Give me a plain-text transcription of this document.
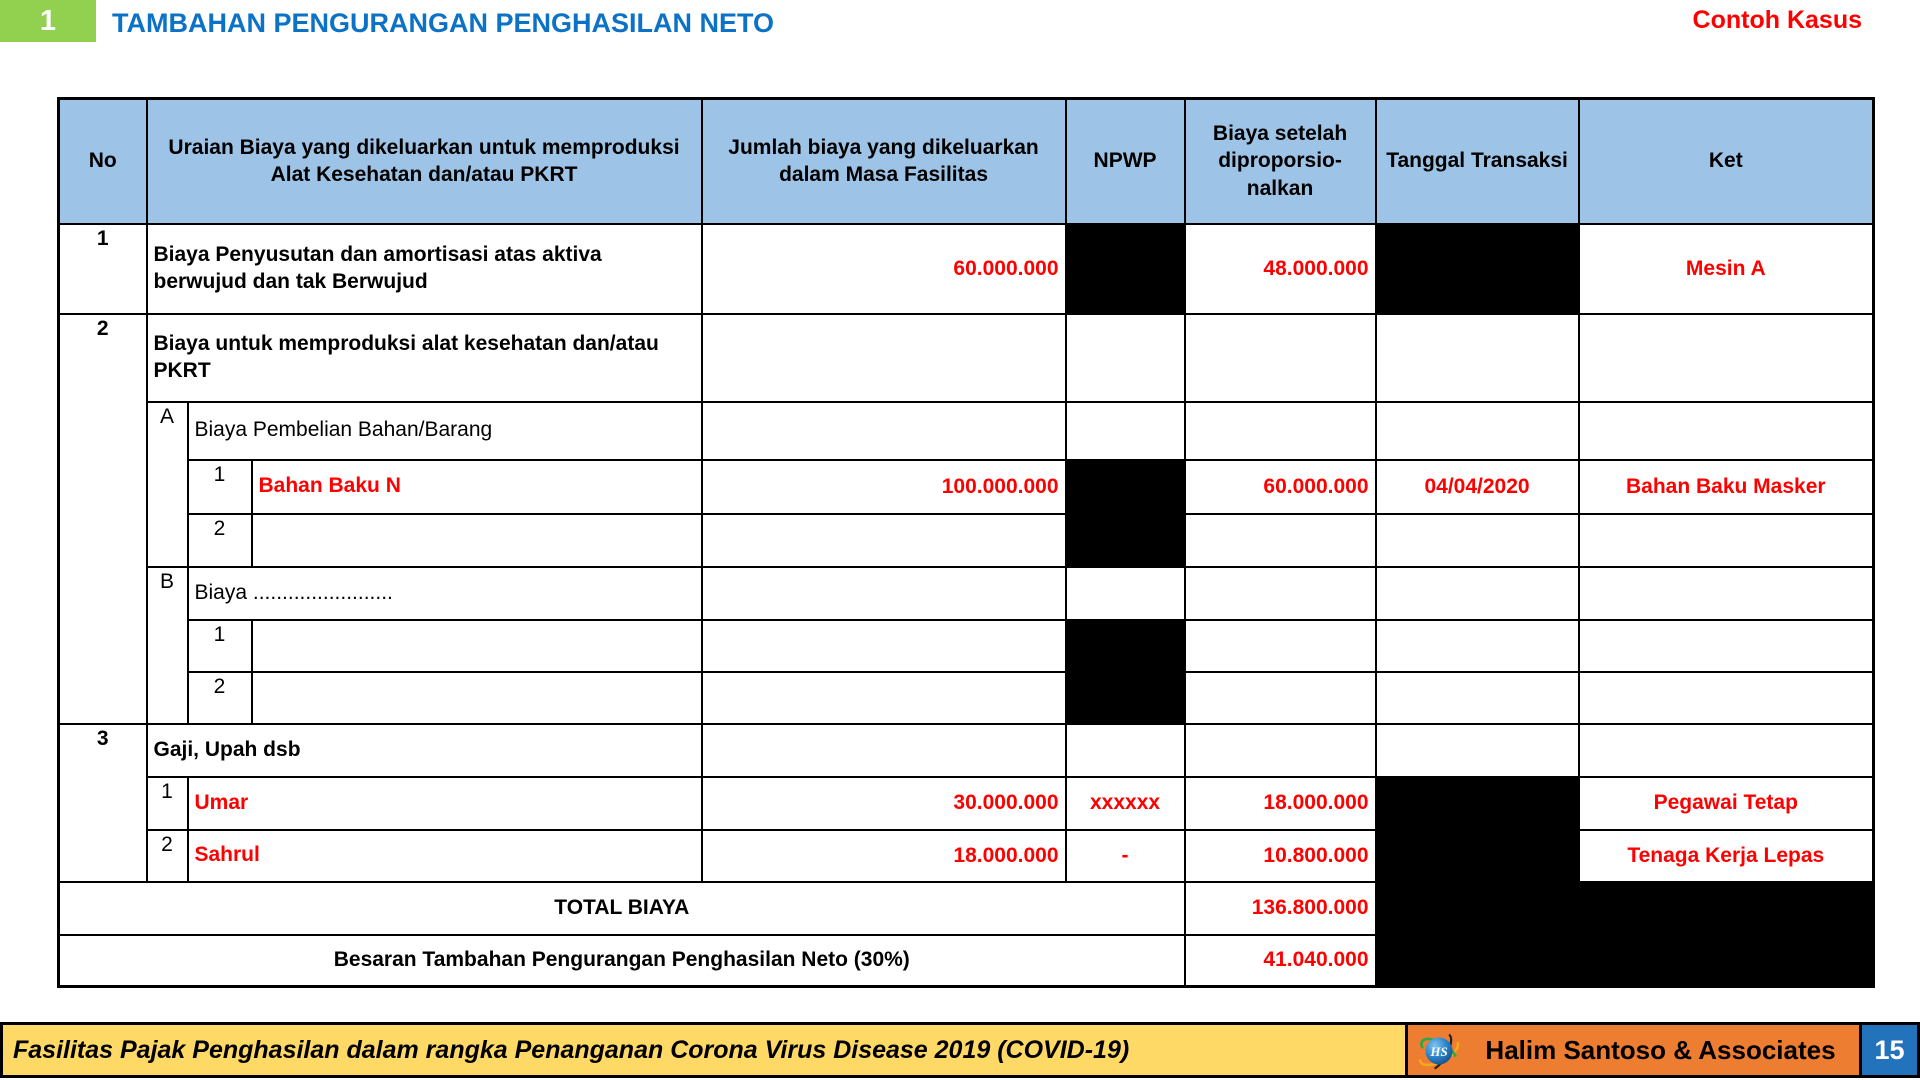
1	TAMBAHAN PENGURANGAN PENGHASILAN NETO	Contoh Kasus
No	Uraian Biaya yang dikeluarkan untuk memproduksi Alat Kesehatan dan/atau PKRT			Jumlah biaya yang dikeluarkan dalam Masa Fasilitas	NPWP	Biaya setelah diproporsio-nalkan	Tanggal Transaksi	Ket
1	Biaya Penyusutan dan amortisasi atas aktiva berwujud dan tak Berwujud			60.000.000		48.000.000		Mesin A
2	Biaya untuk memproduksi alat kesehatan dan/atau PKRT							
	A	Biaya Pembelian Bahan/Barang						
		1	Bahan Baku N	100.000.000		60.000.000	04/04/2020	Bahan Baku Masker
		2						
	B	Biaya ........................						
		1						
		2						
3	Gaji, Upah dsb							
	1	Umar		30.000.000	xxxxxx	18.000.000		Pegawai Tetap
	2	Sahrul		18.000.000	-	10.800.000		Tenaga Kerja Lepas
TOTAL BIAYA						136.800.000		
Besaran Tambahan Pengurangan Penghasilan Neto (30%)						41.040.000		
Fasilitas Pajak Penghasilan dalam rangka Penanganan Corona Virus Disease 2019 (COVID-19)	HS	Halim Santoso & Associates	15
